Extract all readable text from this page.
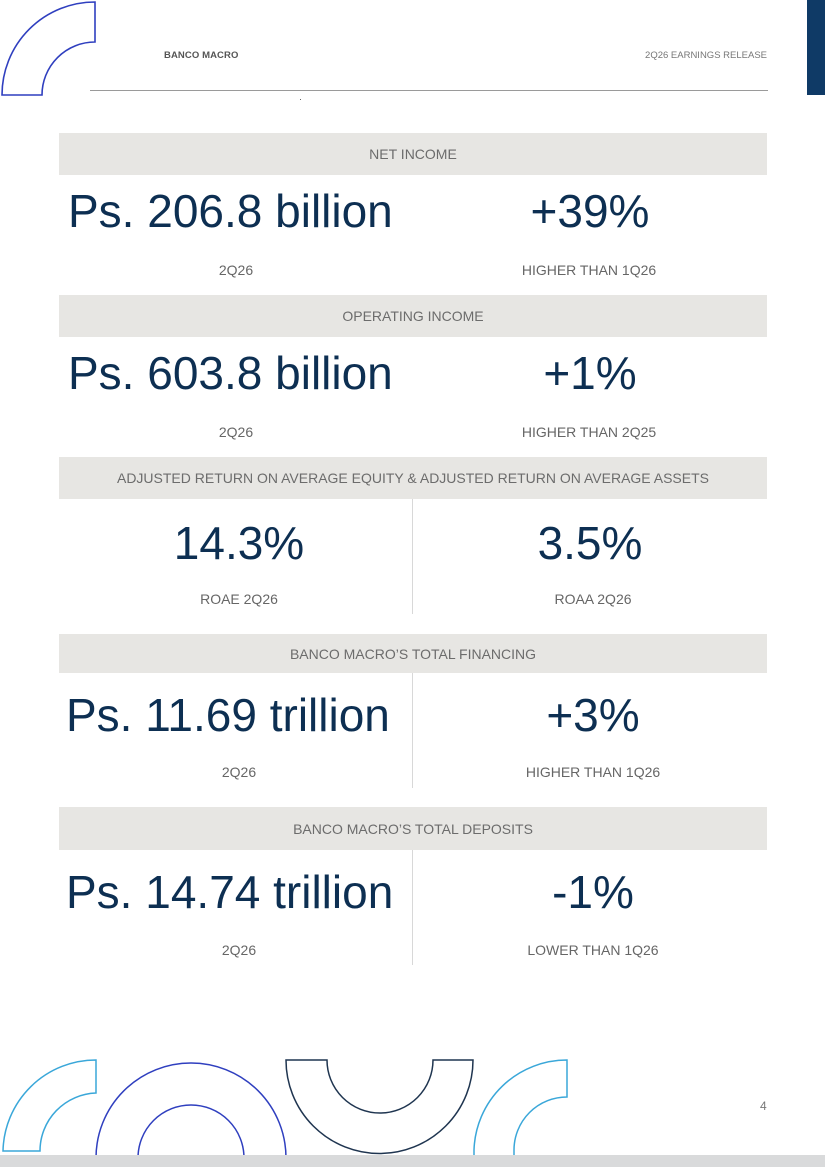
BANCO MACRO	2Q26 EARNINGS RELEASE
NET INCOME
Ps. 206.8 billion	+39%
2Q26	HIGHER THAN 1Q26
OPERATING INCOME
Ps. 603.8 billion	+1%
2Q26	HIGHER THAN 2Q25
ADJUSTED RETURN ON AVERAGE EQUITY & ADJUSTED RETURN ON AVERAGE ASSETS
14.3%	3.5%
ROAE 2Q26	ROAA 2Q26
BANCO MACRO’S TOTAL FINANCING
Ps. 11.69 trillion	+3%
2Q26	HIGHER THAN 1Q26
BANCO MACRO’S TOTAL DEPOSITS
Ps. 14.74 trillion	-1%
2Q26	LOWER THAN 1Q26
4
